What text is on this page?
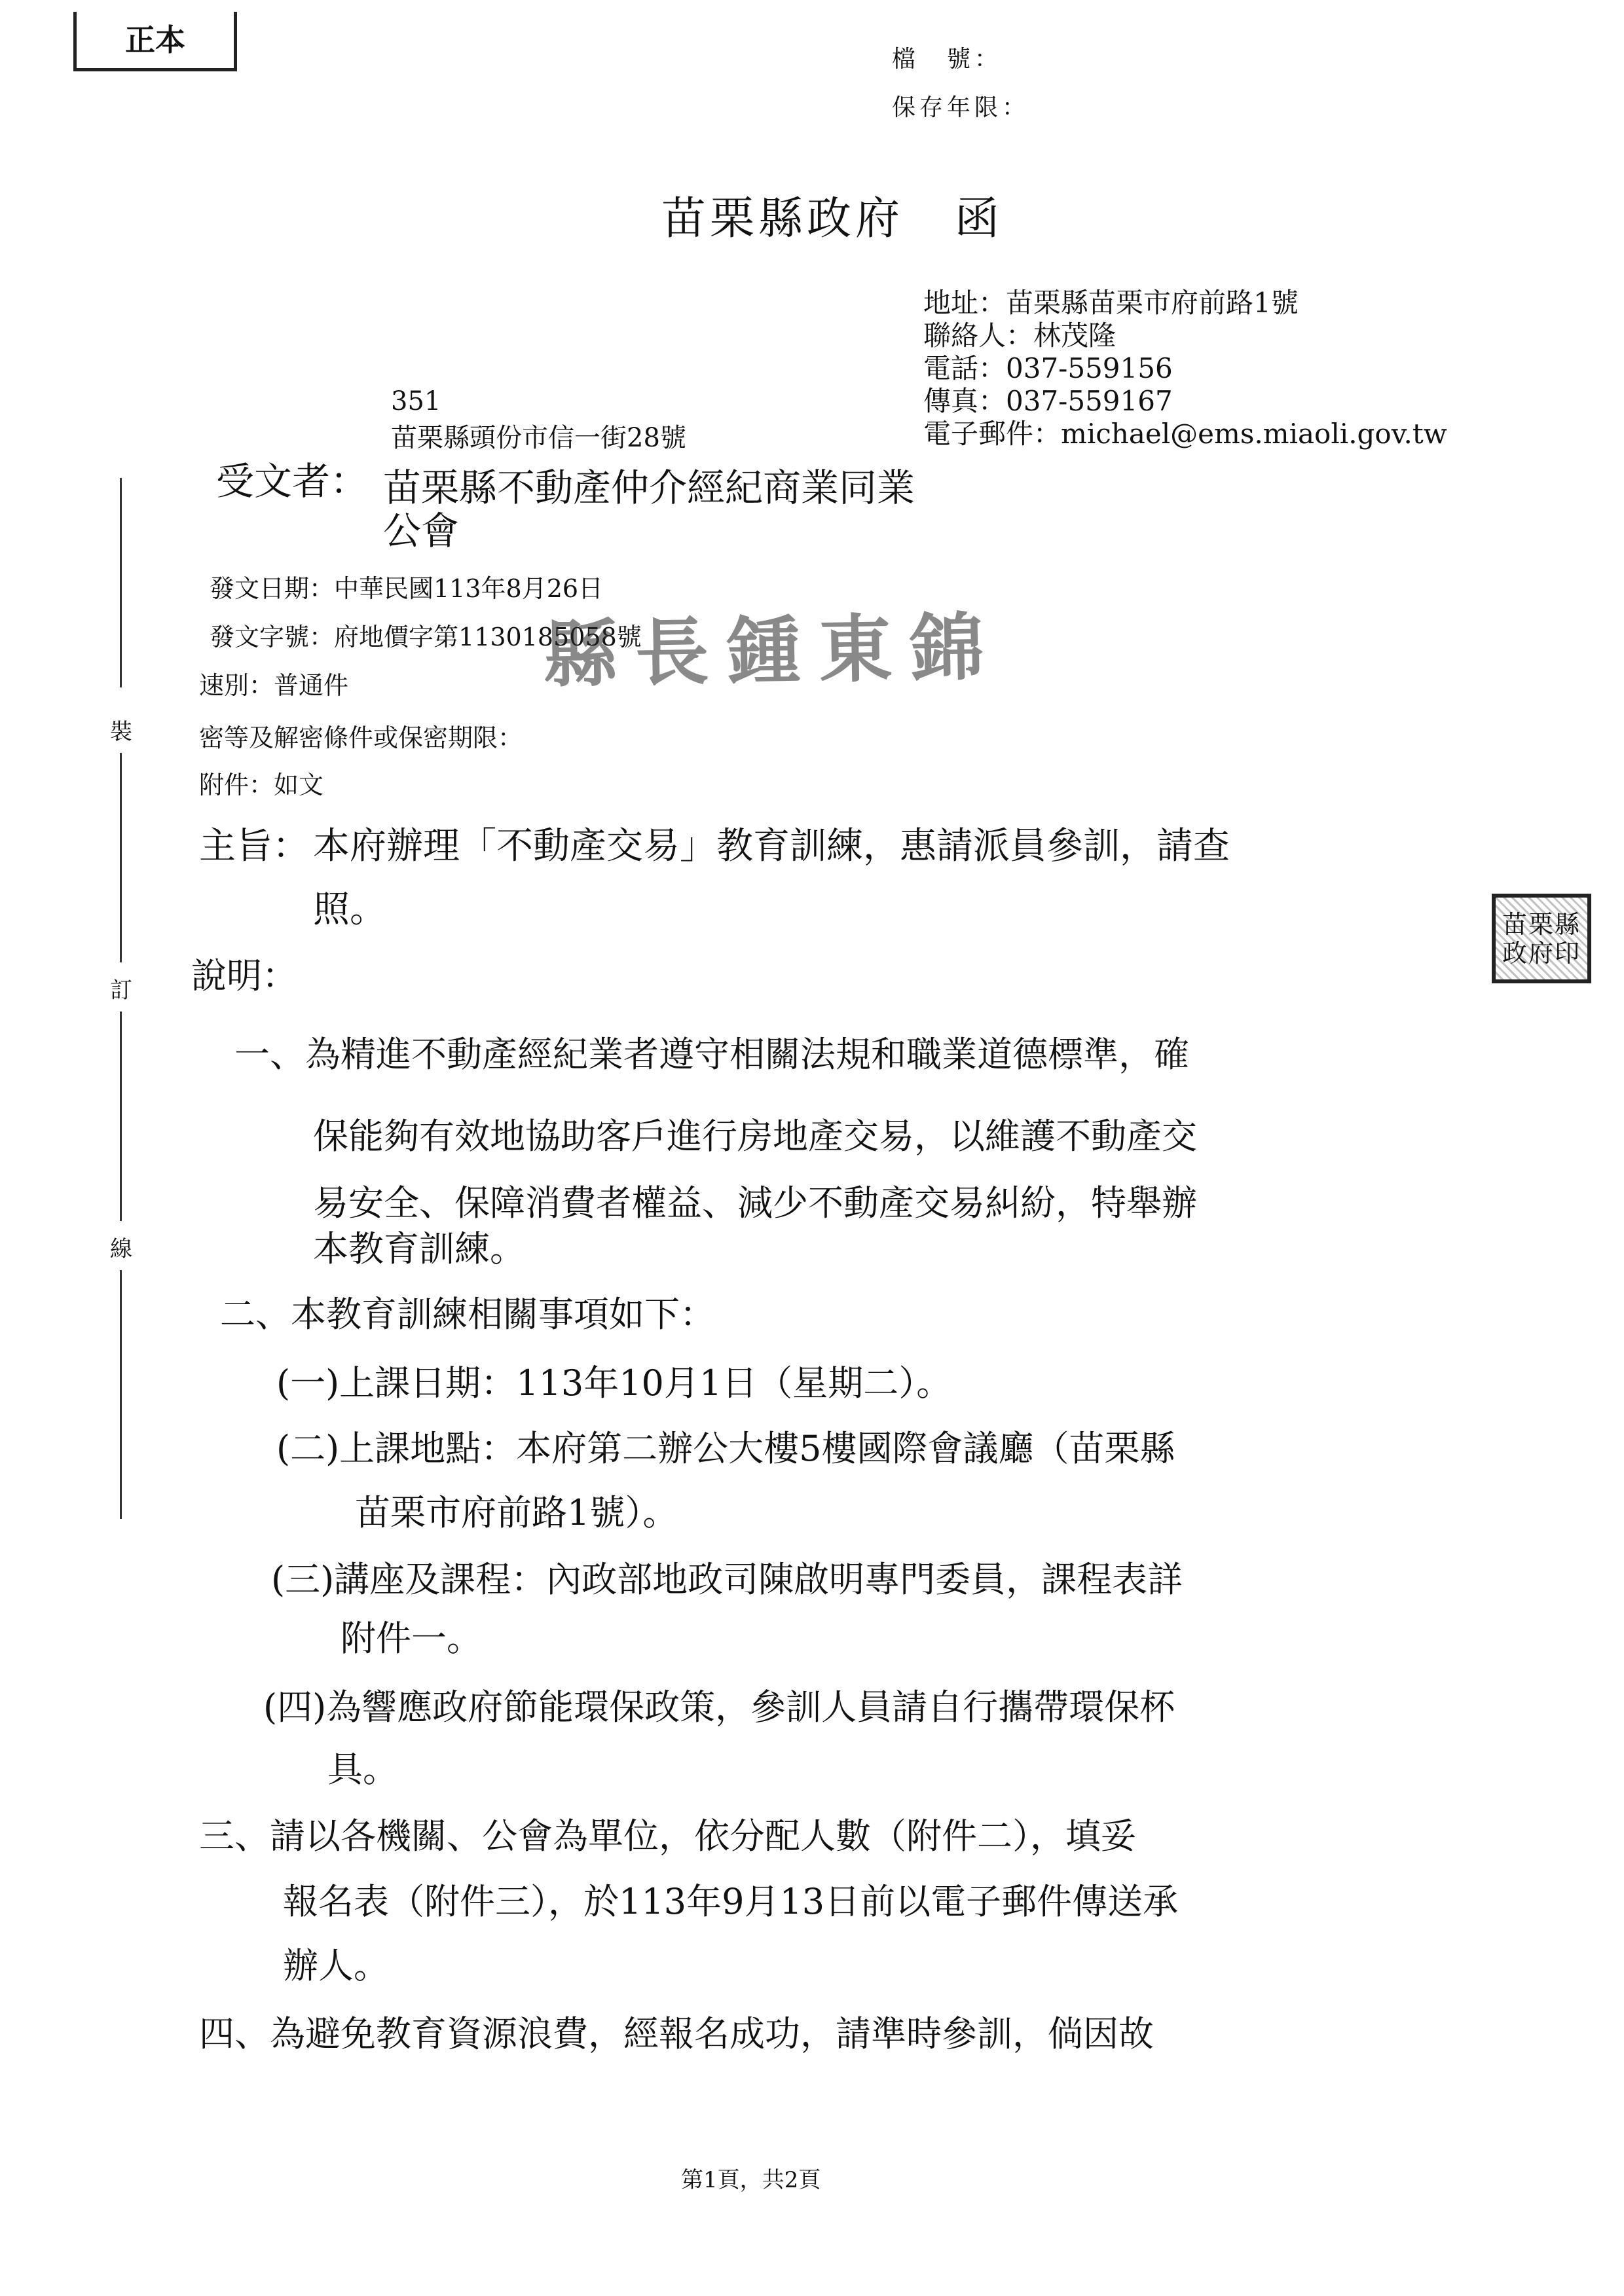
正本
檔　號：
保存年限：
苗栗縣政府 函
地址：苗栗縣苗栗市府前路1號
聯絡人：林茂隆
電話：037-559156
傳真：037-559167
電子郵件：michael@ems.miaoli.gov.tw
351
苗栗縣頭份市信一街28號
裝
訂
線
受文者： 苗栗縣不動產仲介經紀商業同業
公會
發文日期：中華民國113年8月26日
發文字號：府地價字第1130185058號
速別：普通件
密等及解密條件或保密期限：
附件：如文
縣長鍾東錦
苗栗縣政府印
主旨： 本府辦理「不動產交易」教育訓練，惠請派員參訓，請查
照。
說明：
一、為精進不動產經紀業者遵守相關法規和職業道德標準，確
保能夠有效地協助客戶進行房地產交易，以維護不動產交
易安全、保障消費者權益、減少不動產交易糾紛，特舉辦
本教育訓練。
二、本教育訓練相關事項如下：
(一)上課日期：113年10月1日（星期二）。
(二)上課地點：本府第二辦公大樓5樓國際會議廳（苗栗縣
苗栗市府前路1號）。
(三)講座及課程：內政部地政司陳啟明專門委員，課程表詳
附件一。
(四)為響應政府節能環保政策，參訓人員請自行攜帶環保杯
具。
三、請以各機關、公會為單位，依分配人數（附件二），填妥
報名表（附件三），於113年9月13日前以電子郵件傳送承
辦人。
四、為避免教育資源浪費，經報名成功，請準時參訓，倘因故
第1頁，共2頁
